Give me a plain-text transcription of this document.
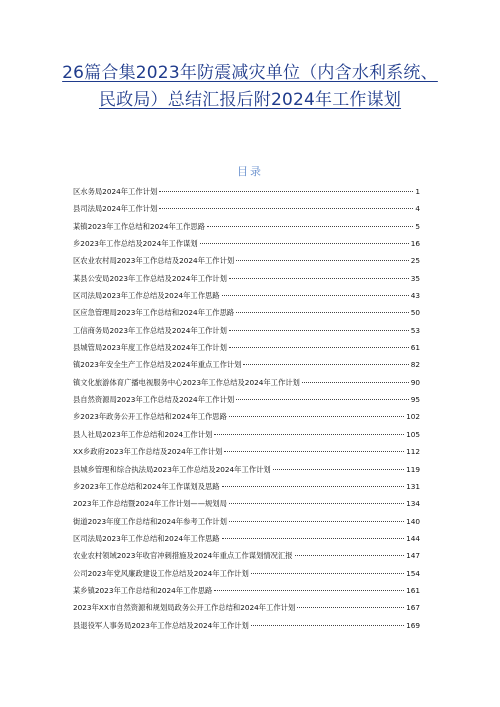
26篇合集2023年防震减灾单位（内含水利系统、民政局）总结汇报后附2024年工作谋划
目录
区水务局2024年工作计划	1
县司法局2024年工作计划	4
某镇2023年工作总结和2024年工作思路	5
乡2023年工作总结及2024年工作谋划	16
区农业农村局2023年工作总结及2024年工作计划	25
某县公安局2023年工作总结及2024年工作计划	35
区司法局2023年工作总结及2024年工作思路	43
区应急管理局2023年工作总结和2024年工作思路	50
工信商务局2023年工作总结及2024年工作计划	53
县城管局2023年度工作总结及2024年工作计划	61
镇2023年安全生产工作总结及2024年重点工作计划	82
镇文化旅游体育广播电视服务中心2023年工作总结及2024年工作计划	90
县自然资源局2023年工作总结及2024年工作计划	95
乡2023年政务公开工作总结和2024年工作思路	102
县人社局2023年工作总结和2024工作计划	105
XX乡政府2023年工作总结及2024年工作计划	112
县城乡管理和综合执法局2023年工作总结及2024年工作计划	119
乡2023年工作总结和2024年工作谋划及思路	131
2023年工作总结暨2024年工作计划——规划局	134
街道2023年度工作总结和2024年参考工作计划	140
区司法局2023年工作总结和2024年工作思路	144
农业农村领域2023年收官冲刺措施及2024年重点工作谋划情况汇报	147
公司2023年党风廉政建设工作总结及2024年工作计划	154
某乡镇2023年工作总结和2024年工作思路	161
2023年XX市自然资源和规划局政务公开工作总结和2024年工作计划	167
县退役军人事务局2023年工作总结及2024年工作计划	169
